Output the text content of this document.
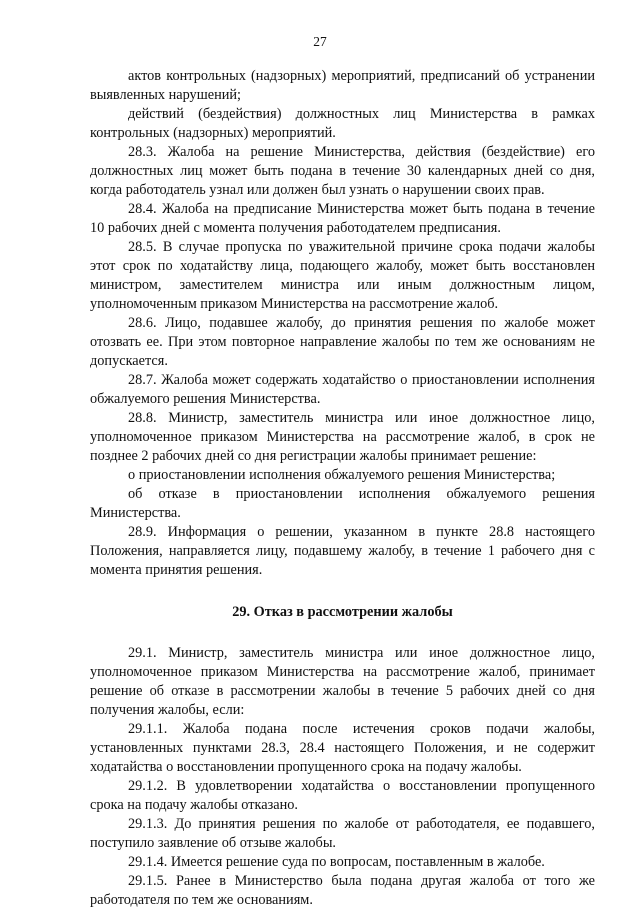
27

актов контрольных (надзорных) мероприятий, предписаний об устранении выявленных нарушений;

действий (бездействия) должностных лиц Министерства в рамках контрольных (надзорных) мероприятий.

28.3. Жалоба на решение Министерства, действия (бездействие) его должностных лиц может быть подана в течение 30 календарных дней со дня, когда работодатель узнал или должен был узнать о нарушении своих прав.

28.4. Жалоба на предписание Министерства может быть подана в течение 10 рабочих дней с момента получения работодателем предписания.

28.5. В случае пропуска по уважительной причине срока подачи жалобы этот срок по ходатайству лица, подающего жалобу, может быть восстановлен министром, заместителем министра или иным должностным лицом, уполномоченным приказом Министерства на рассмотрение жалоб.

28.6. Лицо, подавшее жалобу, до принятия решения по жалобе может отозвать ее. При этом повторное направление жалобы по тем же основаниям не допускается.

28.7. Жалоба может содержать ходатайство о приостановлении исполнения обжалуемого решения Министерства.

28.8. Министр, заместитель министра или иное должностное лицо, уполномоченное приказом Министерства на рассмотрение жалоб, в срок не позднее 2 рабочих дней со дня регистрации жалобы принимает решение:

о приостановлении исполнения обжалуемого решения Министерства;

об отказе в приостановлении исполнения обжалуемого решения Министерства.

28.9. Информация о решении, указанном в пункте 28.8 настоящего Положения, направляется лицу, подавшему жалобу, в течение 1 рабочего дня с момента принятия решения.

29. Отказ в рассмотрении жалобы

29.1. Министр, заместитель министра или иное должностное лицо, уполномоченное приказом Министерства на рассмотрение жалоб, принимает решение об отказе в рассмотрении жалобы в течение 5 рабочих дней со дня получения жалобы, если:

29.1.1. Жалоба подана после истечения сроков подачи жалобы, установленных пунктами 28.3, 28.4 настоящего Положения, и не содержит ходатайства о восстановлении пропущенного срока на подачу жалобы.

29.1.2. В удовлетворении ходатайства о восстановлении пропущенного срока на подачу жалобы отказано.

29.1.3. До принятия решения по жалобе от работодателя, ее подавшего, поступило заявление об отзыве жалобы.

29.1.4. Имеется решение суда по вопросам, поставленным в жалобе.

29.1.5. Ранее в Министерство была подана другая жалоба от того же работодателя по тем же основаниям.
